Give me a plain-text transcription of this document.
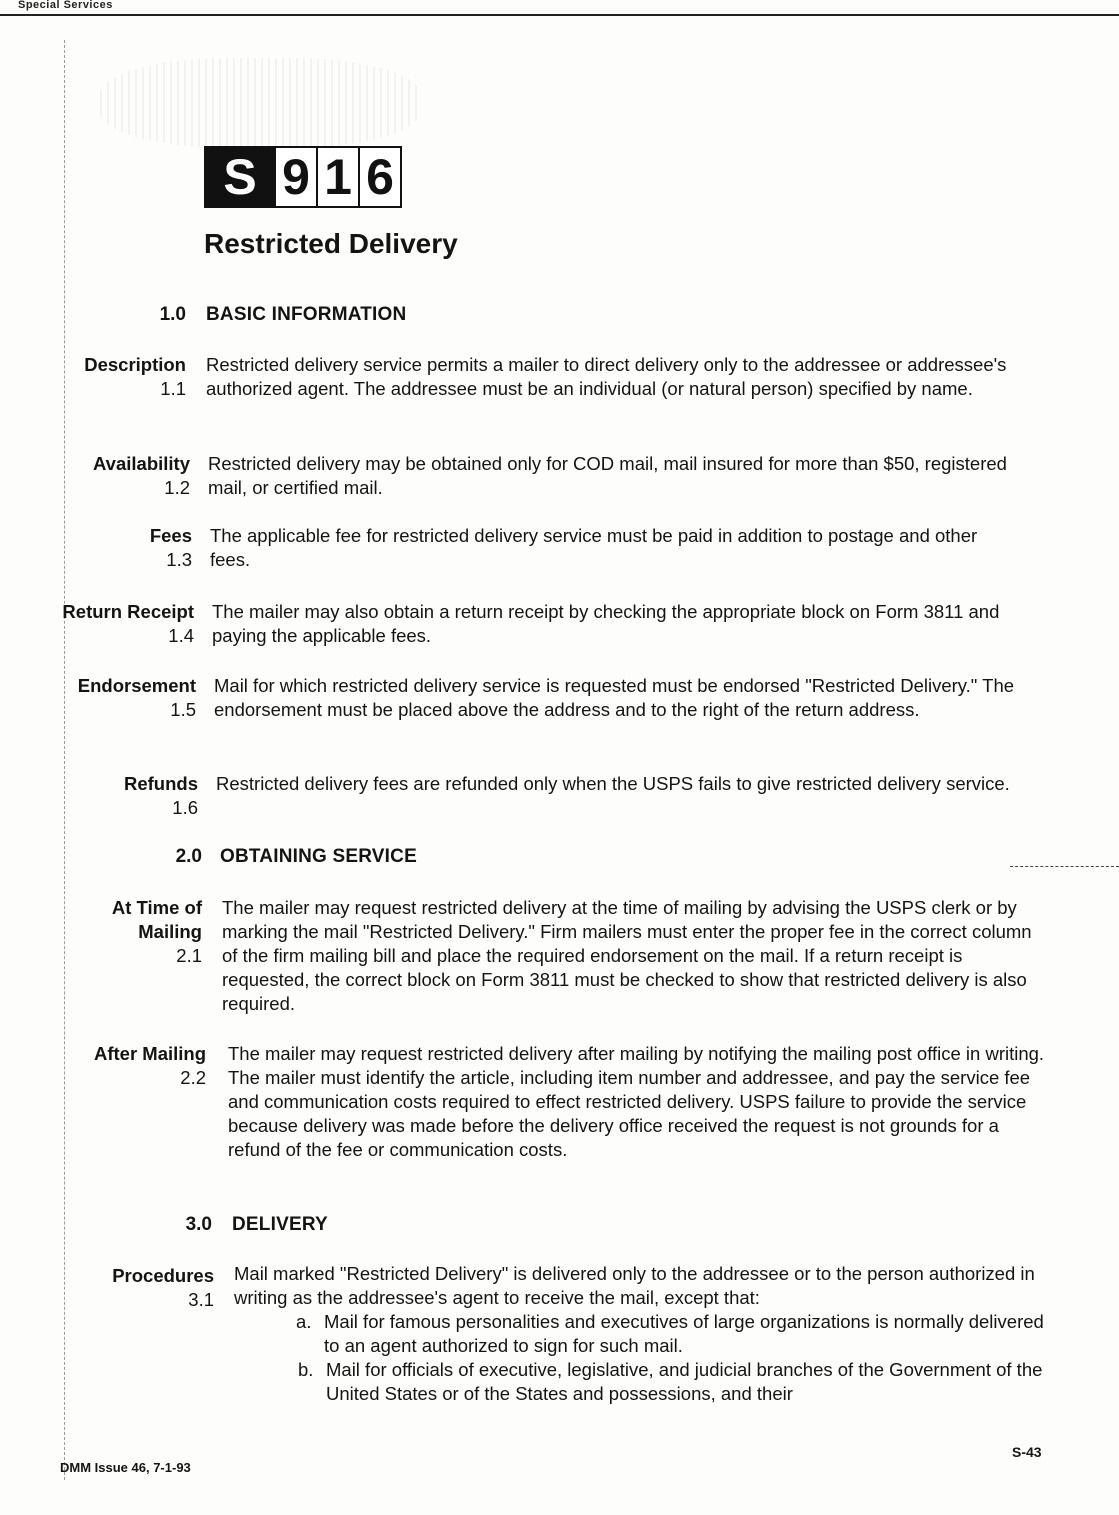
Special Services
S 9 1 6
Restricted Delivery
1.0 BASIC INFORMATION
Description
1.1

Restricted delivery service permits a mailer to direct delivery only to the addressee or addressee's authorized agent. The addressee must be an individual (or natural person) specified by name.

Availability
1.2

Restricted delivery may be obtained only for COD mail, mail insured for more than $50, registered mail, or certified mail.

Fees
1.3

The applicable fee for restricted delivery service must be paid in addition to postage and other fees.

Return Receipt
1.4

The mailer may also obtain a return receipt by checking the appropriate block on Form 3811 and paying the applicable fees.

Endorsement
1.5

Mail for which restricted delivery service is requested must be endorsed "Restricted Delivery." The endorsement must be placed above the address and to the right of the return address.

Refunds
1.6

Restricted delivery fees are refunded only when the USPS fails to give restricted delivery service.

2.0 OBTAINING SERVICE
At Time of
Mailing
2.1

The mailer may request restricted delivery at the time of mailing by advising the USPS clerk or by marking the mail "Restricted Delivery." Firm mailers must enter the proper fee in the correct column of the firm mailing bill and place the required endorsement on the mail. If a return receipt is requested, the correct block on Form 3811 must be checked to show that restricted delivery is also required.

After Mailing
2.2

The mailer may request restricted delivery after mailing by notifying the mailing post office in writing. The mailer must identify the article, including item number and addressee, and pay the service fee and communication costs required to effect restricted delivery. USPS failure to provide the service because delivery was made before the delivery office received the request is not grounds for a refund of the fee or communication costs.

3.0 DELIVERY
Procedures
3.1

Mail marked "Restricted Delivery" is delivered only to the addressee or to the person authorized in writing as the addressee's agent to receive the mail, except that:

a. Mail for famous personalities and executives of large organizations is normally delivered to an agent authorized to sign for such mail.
b. Mail for officials of executive, legislative, and judicial branches of the Government of the United States or of the States and possessions, and their
DMM Issue 46, 7-1-93
S-43
